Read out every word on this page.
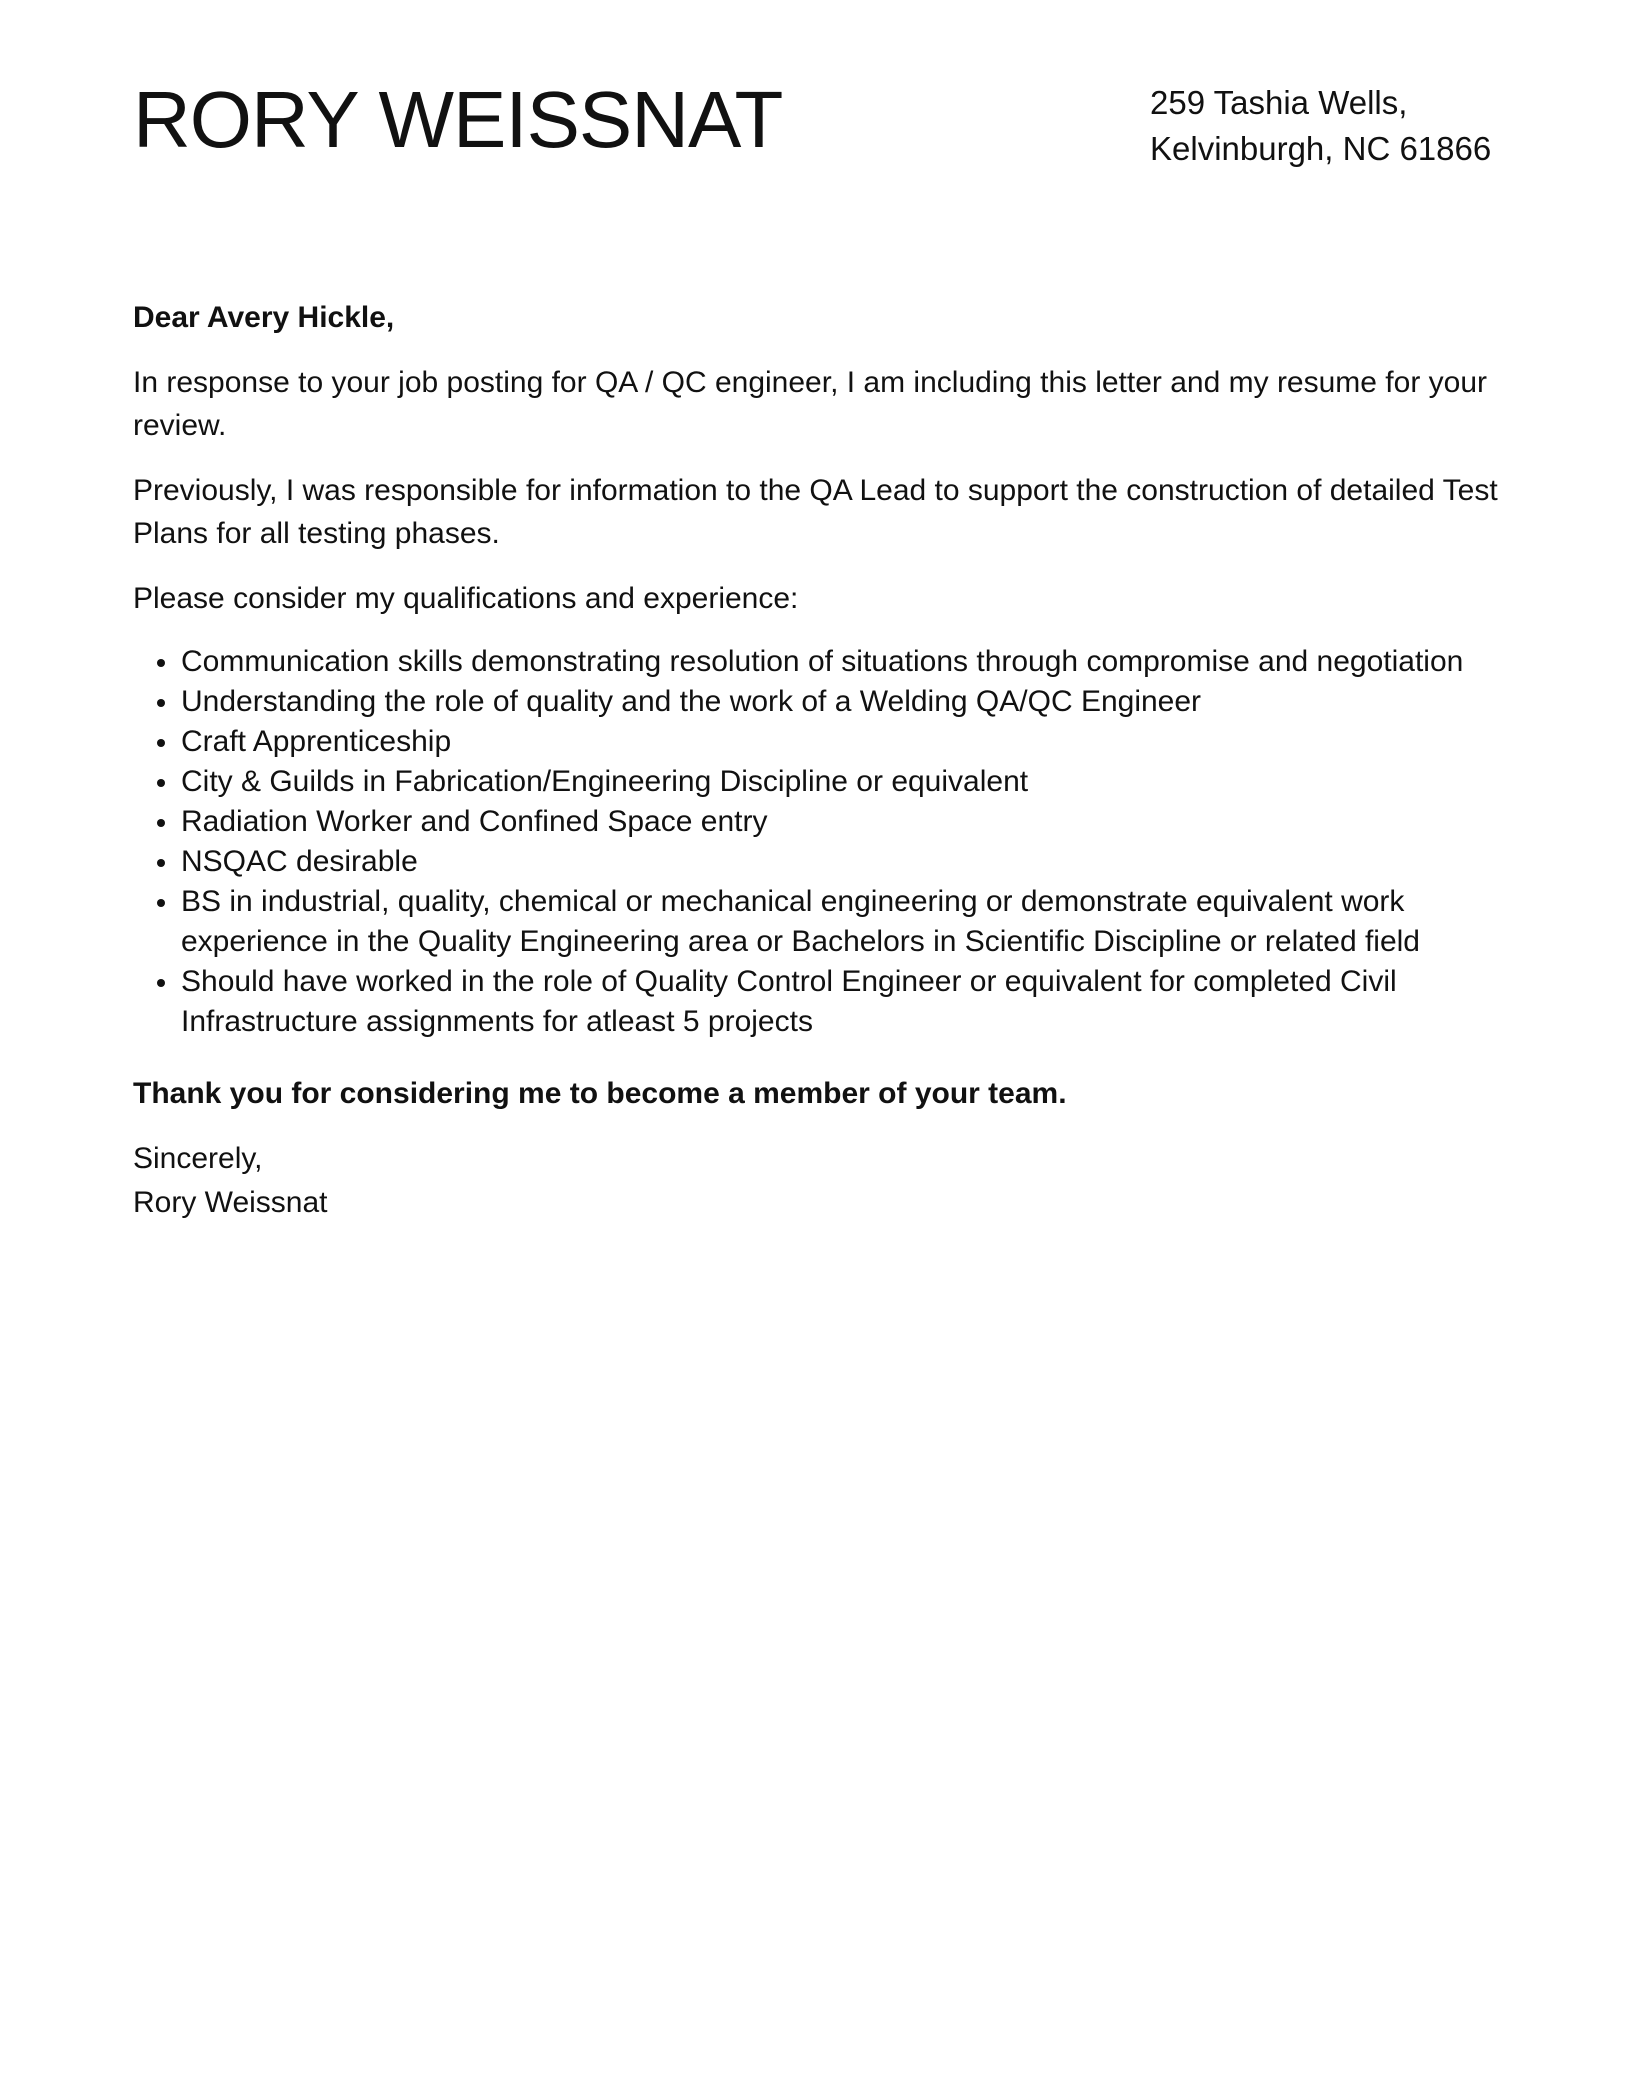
RORY WEISSNAT	259 Tashia Wells,
Kelvinburgh, NC 61866

Dear Avery Hickle,

In response to your job posting for QA / QC engineer, I am including this letter and my resume for your review.

Previously, I was responsible for information to the QA Lead to support the construction of detailed Test Plans for all testing phases.

Please consider my qualifications and experience:

Communication skills demonstrating resolution of situations through compromise and negotiation
Understanding the role of quality and the work of a Welding QA/QC Engineer
Craft Apprenticeship
City & Guilds in Fabrication/Engineering Discipline or equivalent
Radiation Worker and Confined Space entry
NSQAC desirable
BS in industrial, quality, chemical or mechanical engineering or demonstrate equivalent work experience in the Quality Engineering area or Bachelors in Scientific Discipline or related field
Should have worked in the role of Quality Control Engineer or equivalent for completed Civil Infrastructure assignments for atleast 5 projects

Thank you for considering me to become a member of your team.

Sincerely,
Rory Weissnat
